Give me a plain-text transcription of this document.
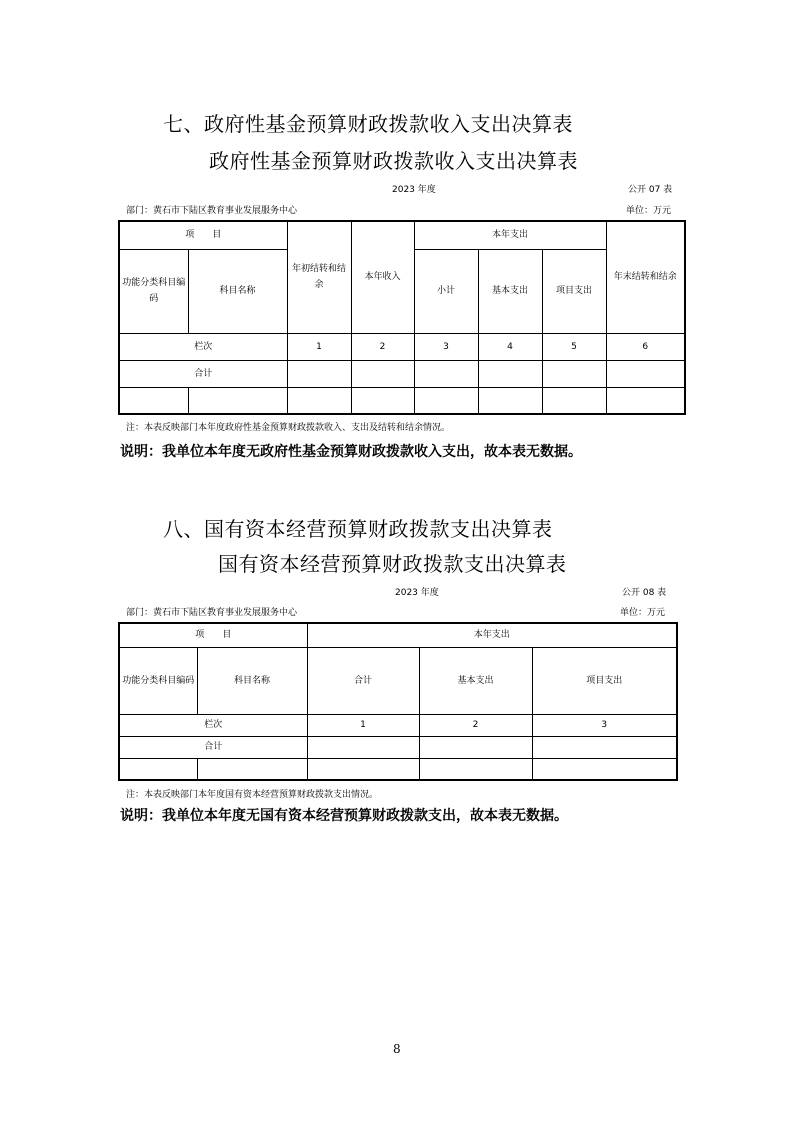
七、政府性基金预算财政拨款收入支出决算表
政府性基金预算财政拨款收入支出决算表
2023 年度	公开 07 表
部门：黄石市下陆区教育事业发展服务中心	单位：万元
项　　目		年初结转和结余	本年收入	本年支出			年末结转和结余
功能分类科目编码	科目名称			小计	基本支出	项目支出	
栏次		1	2	3	4	5	6
合计							

注：本表反映部门本年度政府性基金预算财政拨款收入、支出及结转和结余情况。
说明：我单位本年度无政府性基金预算财政拨款收入支出，故本表无数据。
八、国有资本经营预算财政拨款支出决算表
国有资本经营预算财政拨款支出决算表
2023 年度	公开 08 表
部门：黄石市下陆区教育事业发展服务中心	单位：万元
项　　目		本年支出		
功能分类科目编码	科目名称	合计	基本支出	项目支出
栏次		1	2	3
合计				

注：本表反映部门本年度国有资本经营预算财政拨款支出情况。
说明：我单位本年度无国有资本经营预算财政拨款支出，故本表无数据。
8
